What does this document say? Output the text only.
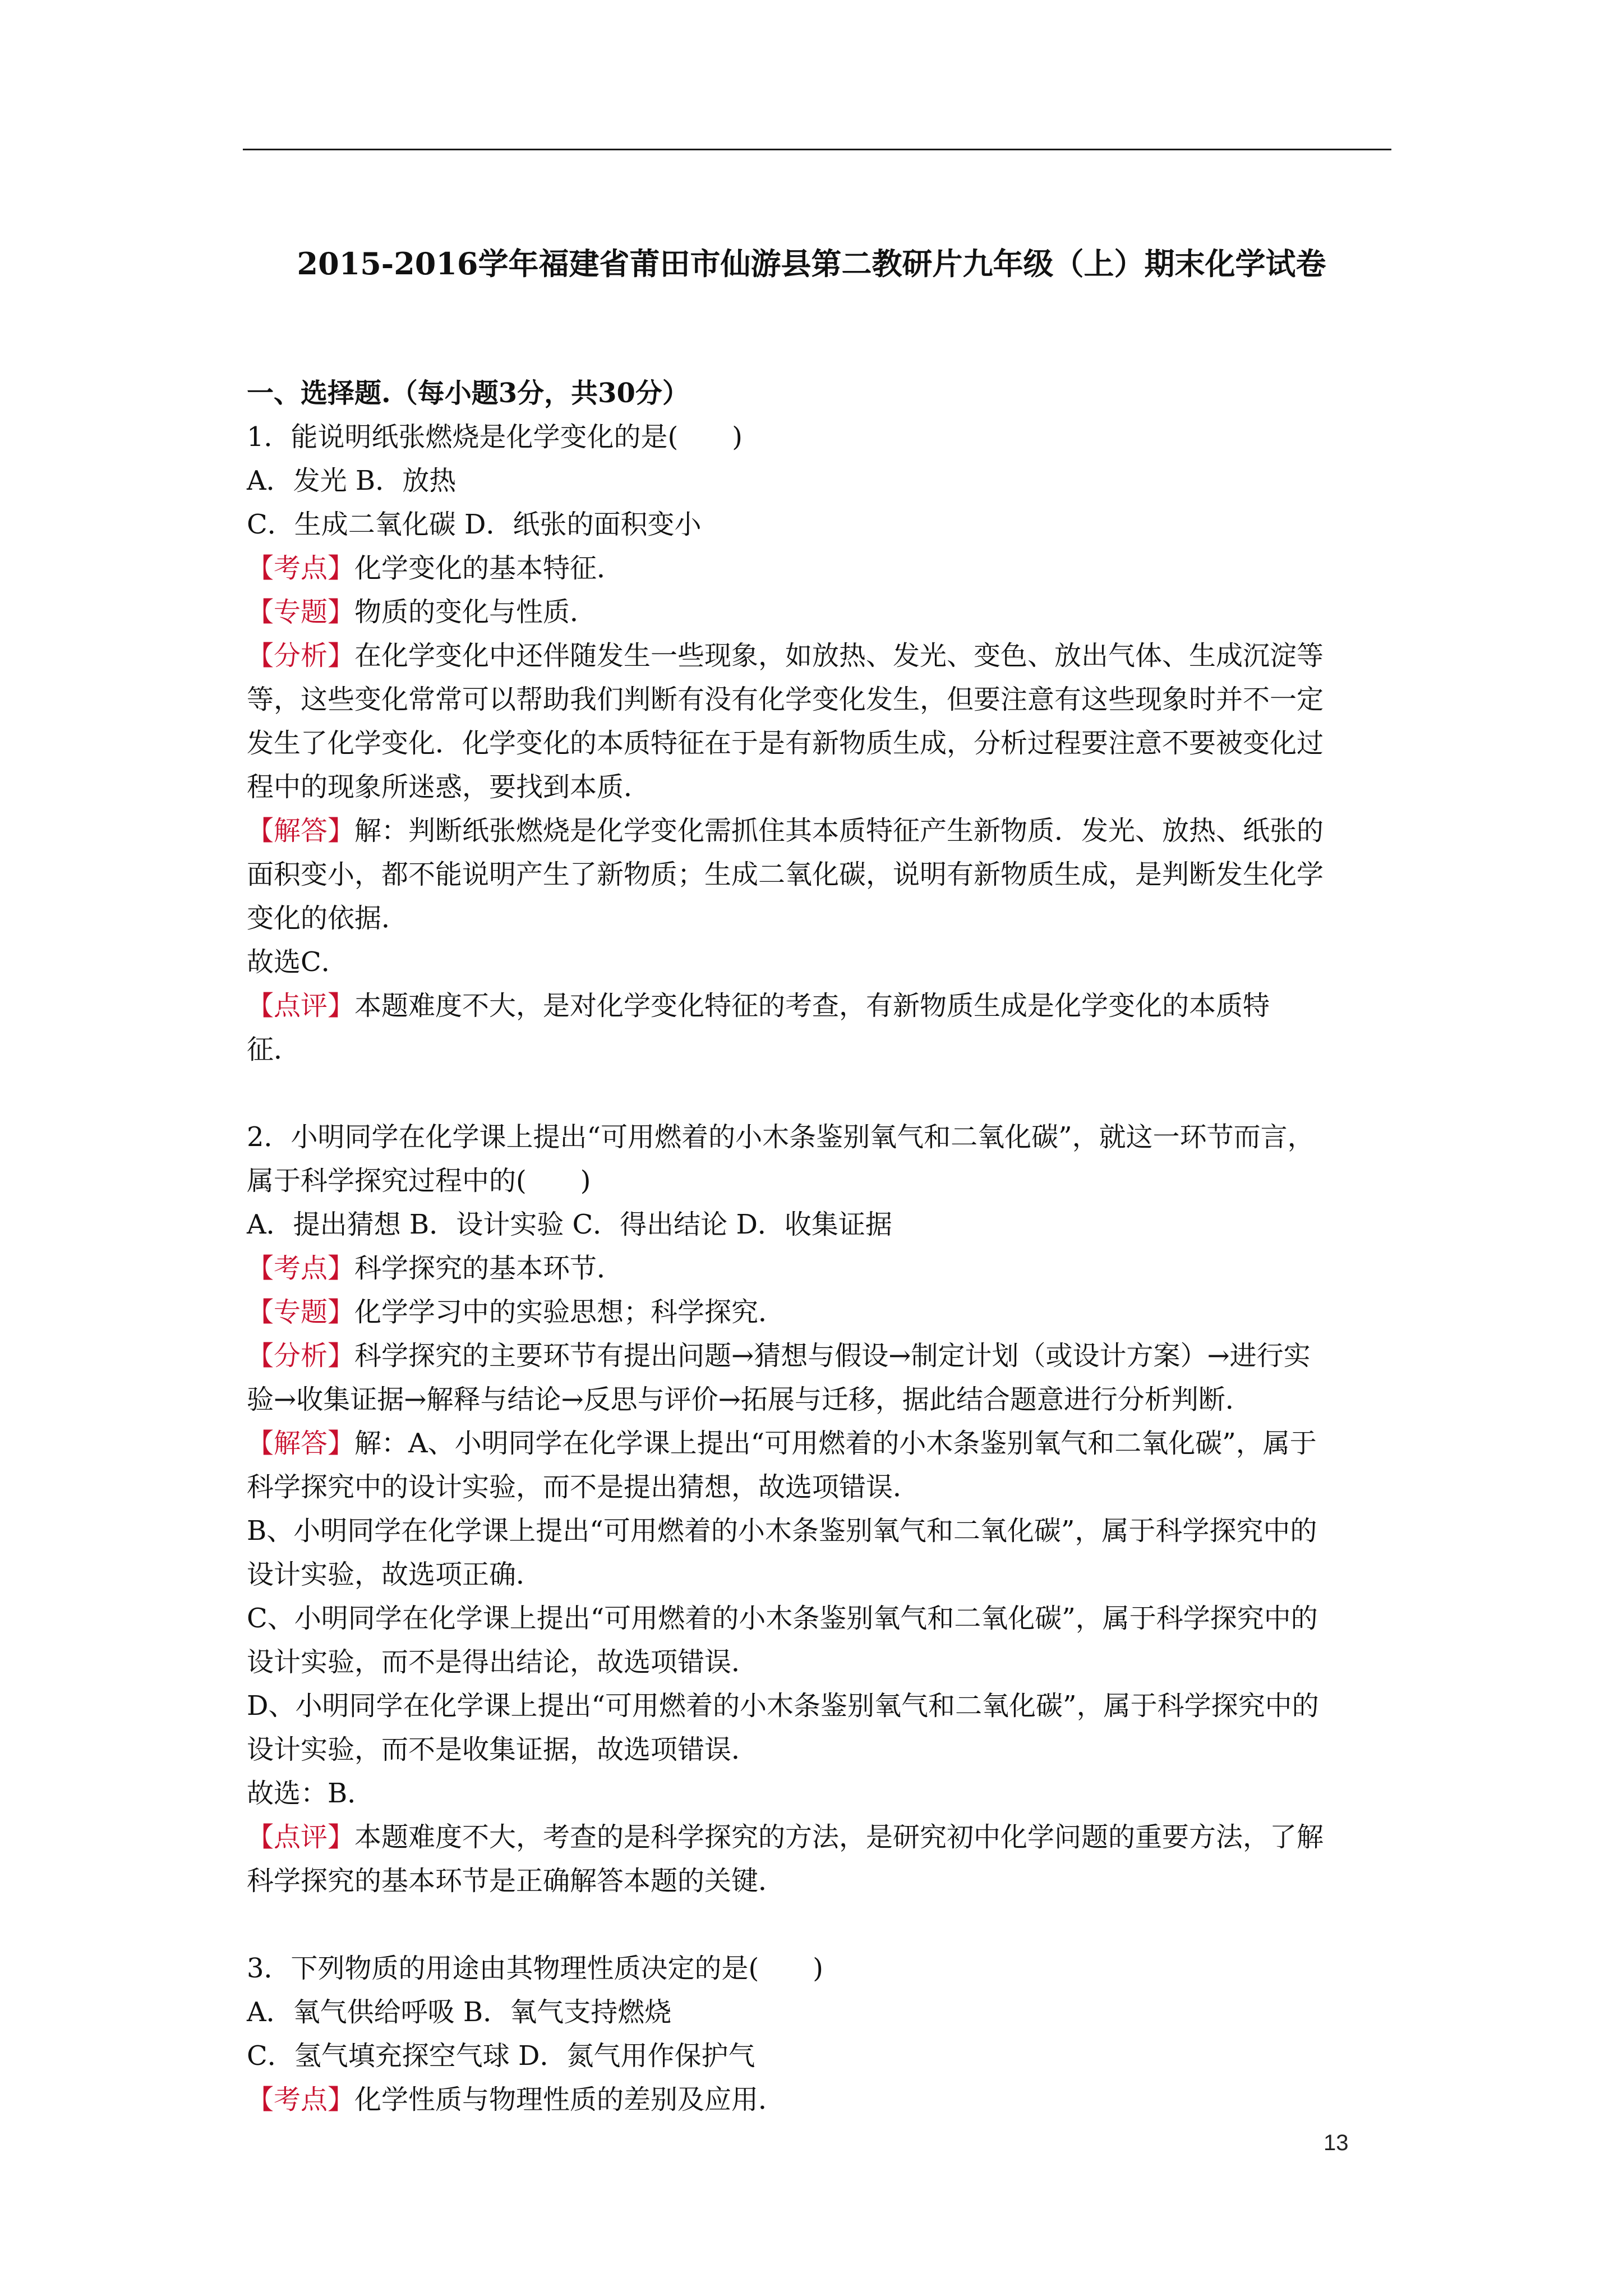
2015-2016学年福建省莆田市仙游县第二教研片九年级（上）期末化学试卷
一、选择题.（每小题3分，共30分）
1．能说明纸张燃烧是化学变化的是(　　)
A．发光 B．放热
C．生成二氧化碳 D．纸张的面积变小
【考点】化学变化的基本特征．
【专题】物质的变化与性质．
【分析】在化学变化中还伴随发生一些现象，如放热、发光、变色、放出气体、生成沉淀等
等，这些变化常常可以帮助我们判断有没有化学变化发生，但要注意有这些现象时并不一定
发生了化学变化．化学变化的本质特征在于是有新物质生成，分析过程要注意不要被变化过
程中的现象所迷惑，要找到本质．
【解答】解：判断纸张燃烧是化学变化需抓住其本质特征产生新物质．发光、放热、纸张的
面积变小，都不能说明产生了新物质；生成二氧化碳，说明有新物质生成，是判断发生化学
变化的依据．
故选C．
【点评】本题难度不大，是对化学变化特征的考查，有新物质生成是化学变化的本质特
征．
2．小明同学在化学课上提出“可用燃着的小木条鉴别氧气和二氧化碳”，就这一环节而言，
属于科学探究过程中的(　　)
A．提出猜想 B．设计实验 C．得出结论 D．收集证据
【考点】科学探究的基本环节．
【专题】化学学习中的实验思想；科学探究．
【分析】科学探究的主要环节有提出问题→猜想与假设→制定计划（或设计方案）→进行实
验→收集证据→解释与结论→反思与评价→拓展与迁移，据此结合题意进行分析判断．
【解答】解：A、小明同学在化学课上提出“可用燃着的小木条鉴别氧气和二氧化碳”，属于
科学探究中的设计实验，而不是提出猜想，故选项错误．
B、小明同学在化学课上提出“可用燃着的小木条鉴别氧气和二氧化碳”，属于科学探究中的
设计实验，故选项正确．
C、小明同学在化学课上提出“可用燃着的小木条鉴别氧气和二氧化碳”，属于科学探究中的
设计实验，而不是得出结论，故选项错误．
D、小明同学在化学课上提出“可用燃着的小木条鉴别氧气和二氧化碳”，属于科学探究中的
设计实验，而不是收集证据，故选项错误．
故选：B．
【点评】本题难度不大，考查的是科学探究的方法，是研究初中化学问题的重要方法，了解
科学探究的基本环节是正确解答本题的关键．
3．下列物质的用途由其物理性质决定的是(　　)
A．氧气供给呼吸 B．氧气支持燃烧
C．氢气填充探空气球 D．氮气用作保护气
【考点】化学性质与物理性质的差别及应用．
13
